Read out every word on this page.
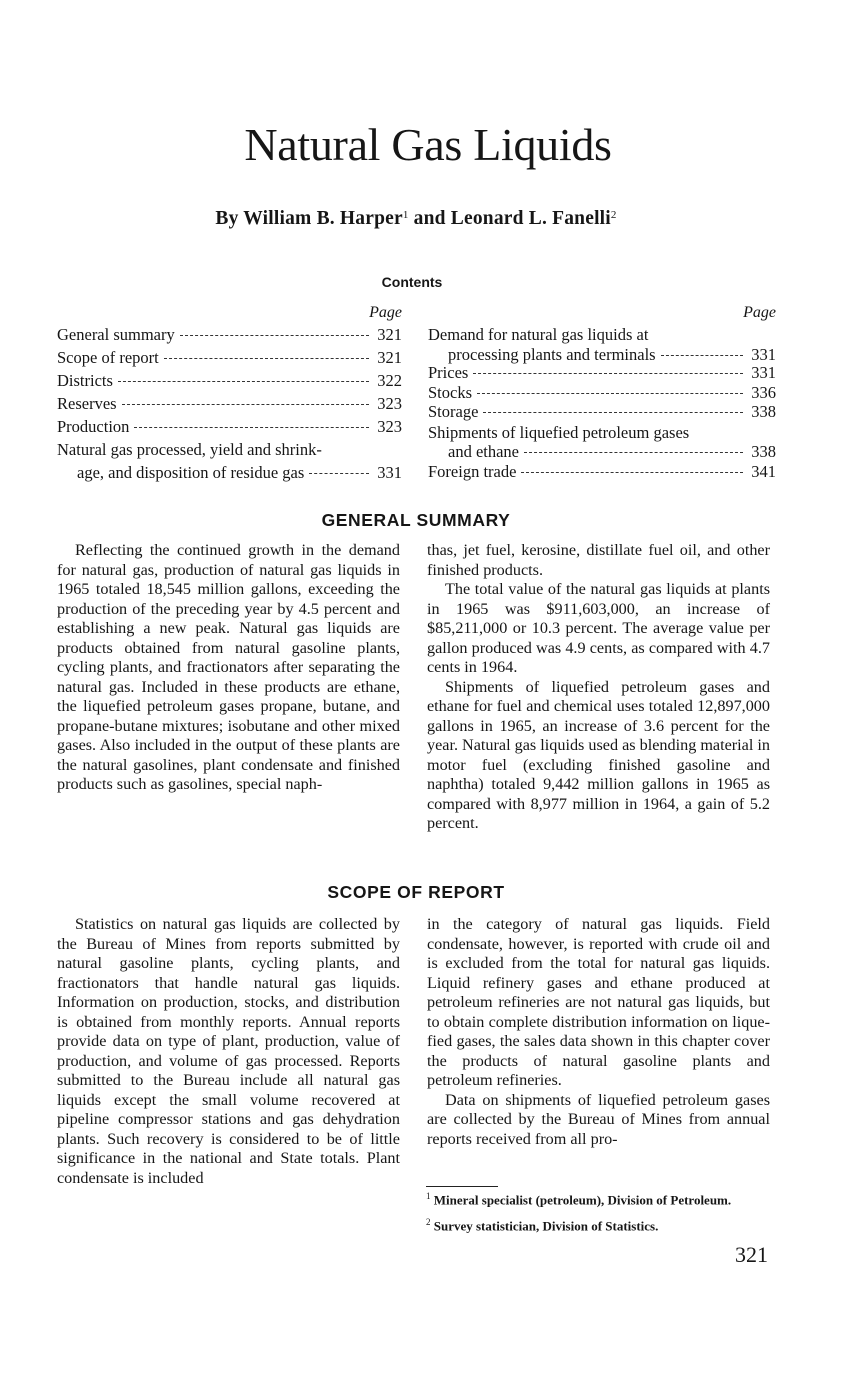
Natural Gas Liquids
By William B. Harper$^1$ and Leonard L. Fanelli$^2$
Contents
Page
General summary	321
Scope of report	321
Districts	322
Reserves	323
Production	323
Natural gas processed, yield and shrink-
age, and disposition of residue gas	331
Page
Demand for natural gas liquids at
processing plants and terminals	331
Prices	331
Stocks	336
Storage	338
Shipments of liquefied petroleum gases
and ethane	338
Foreign trade	341
GENERAL SUMMARY

Reflecting the continued growth in the demand for natural gas, production of natural gas liquids in 1965 totaled 18,545 million gallons, exceeding the production of the preceding year by 4.5 percent and establishing a new peak. Natural gas liquids are products obtained from natural gasoline plants, cycling plants, and fractionators after separating the natural gas. Included in these products are ethane, the liquefied petroleum gases propane, butane, and propane-butane mixtures; isobutane and other mixed gases. Also included in the output of these plants are the natural gasolines, plant condensate and finished products such as gasolines, special naph-

thas, jet fuel, kerosine, distillate fuel oil, and other finished products.

The total value of the natural gas liquids at plants in 1965 was $911,603,000, an increase of $85,211,000 or 10.3 percent. The average value per gallon produced was 4.9 cents, as compared with 4.7 cents in 1964.

Shipments of liquefied petroleum gases and ethane for fuel and chemical uses totaled 12,897,000 gallons in 1965, an increase of 3.6 percent for the year. Natural gas liquids used as blending material in motor fuel (excluding finished gasoline and naphtha) totaled 9,442 million gallons in 1965 as compared with 8,977 million in 1964, a gain of 5.2 percent.

SCOPE OF REPORT

Statistics on natural gas liquids are collected by the Bureau of Mines from reports submitted by natural gasoline plants, cycling plants, and fractionators that handle natural gas liquids. Information on production, stocks, and distribution is obtained from monthly reports. Annual reports provide data on type of plant, production, value of production, and volume of gas processed. Reports submitted to the Bureau include all natural gas liquids except the small volume recovered at pipeline compressor stations and gas dehydration plants. Such recovery is considered to be of little significance in the national and State totals. Plant condensate is included

in the category of natural gas liquids. Field condensate, however, is reported with crude oil and is excluded from the total for natural gas liquids. Liquid refinery gases and ethane produced at petroleum refineries are not natural gas liquids, but to obtain complete distribution information on liquefied gases, the sales data shown in this chapter cover the products of natural gasoline plants and petroleum refineries.

Data on shipments of liquefied petroleum gases are collected by the Bureau of Mines from annual reports received from all pro-

$^1$ Mineral specialist (petroleum), Division of Petroleum.
$^2$ Survey statistician, Division of Statistics.
321
